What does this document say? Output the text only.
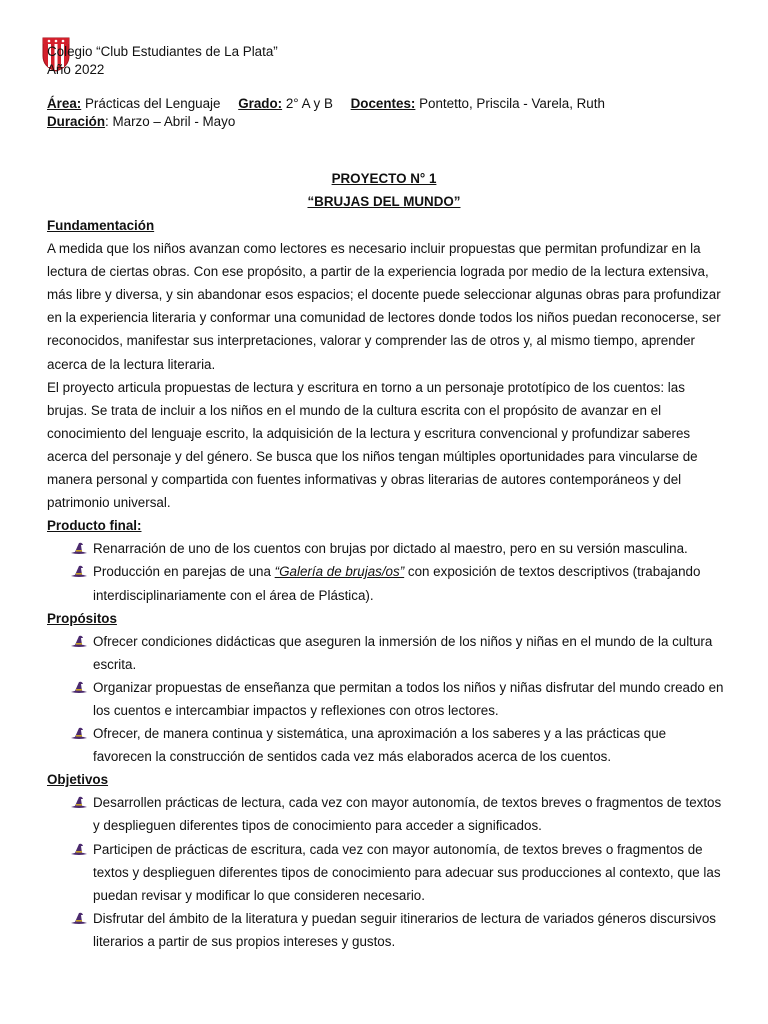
Colegio “Club Estudiantes de La Plata”
Año 2022
Área: Prácticas del Lenguaje Grado: 2° A y B Docentes: Pontetto, Priscila - Varela, Ruth
Duración: Marzo – Abril - Mayo
PROYECTO N° 1
“BRUJAS DEL MUNDO”
Fundamentación

A medida que los niños avanzan como lectores es necesario incluir propuestas que permitan profundizar en la lectura de ciertas obras. Con ese propósito, a partir de la experiencia lograda por medio de la lectura extensiva, más libre y diversa, y sin abandonar esos espacios; el docente puede seleccionar algunas obras para profundizar en la experiencia literaria y conformar una comunidad de lectores donde todos los niños puedan reconocerse, ser reconocidos, manifestar sus interpretaciones, valorar y comprender las de otros y, al mismo tiempo, aprender acerca de la lectura literaria.

El proyecto articula propuestas de lectura y escritura en torno a un personaje prototípico de los cuentos: las brujas. Se trata de incluir a los niños en el mundo de la cultura escrita con el propósito de avanzar en el conocimiento del lenguaje escrito, la adquisición de la lectura y escritura convencional y profundizar saberes acerca del personaje y del género. Se busca que los niños tengan múltiples oportunidades para vincularse de manera personal y compartida con fuentes informativas y obras literarias de autores contemporáneos y del patrimonio universal.

Producto final:
Renarración de uno de los cuentos con brujas por dictado al maestro, pero en su versión masculina.
Producción en parejas de una “Galería de brujas/os” con exposición de textos descriptivos (trabajando interdisciplinariamente con el área de Plástica).
Propósitos
Ofrecer condiciones didácticas que aseguren la inmersión de los niños y niñas en el mundo de la cultura escrita.
Organizar propuestas de enseñanza que permitan a todos los niños y niñas disfrutar del mundo creado en los cuentos e intercambiar impactos y reflexiones con otros lectores.
Ofrecer, de manera continua y sistemática, una aproximación a los saberes y a las prácticas que favorecen la construcción de sentidos cada vez más elaborados acerca de los cuentos.
Objetivos
Desarrollen prácticas de lectura, cada vez con mayor autonomía, de textos breves o fragmentos de textos y desplieguen diferentes tipos de conocimiento para acceder a significados.
Participen de prácticas de escritura, cada vez con mayor autonomía, de textos breves o fragmentos de textos y desplieguen diferentes tipos de conocimiento para adecuar sus producciones al contexto, que las puedan revisar y modificar lo que consideren necesario.
Disfrutar del ámbito de la literatura y puedan seguir itinerarios de lectura de variados géneros discursivos literarios a partir de sus propios intereses y gustos.
